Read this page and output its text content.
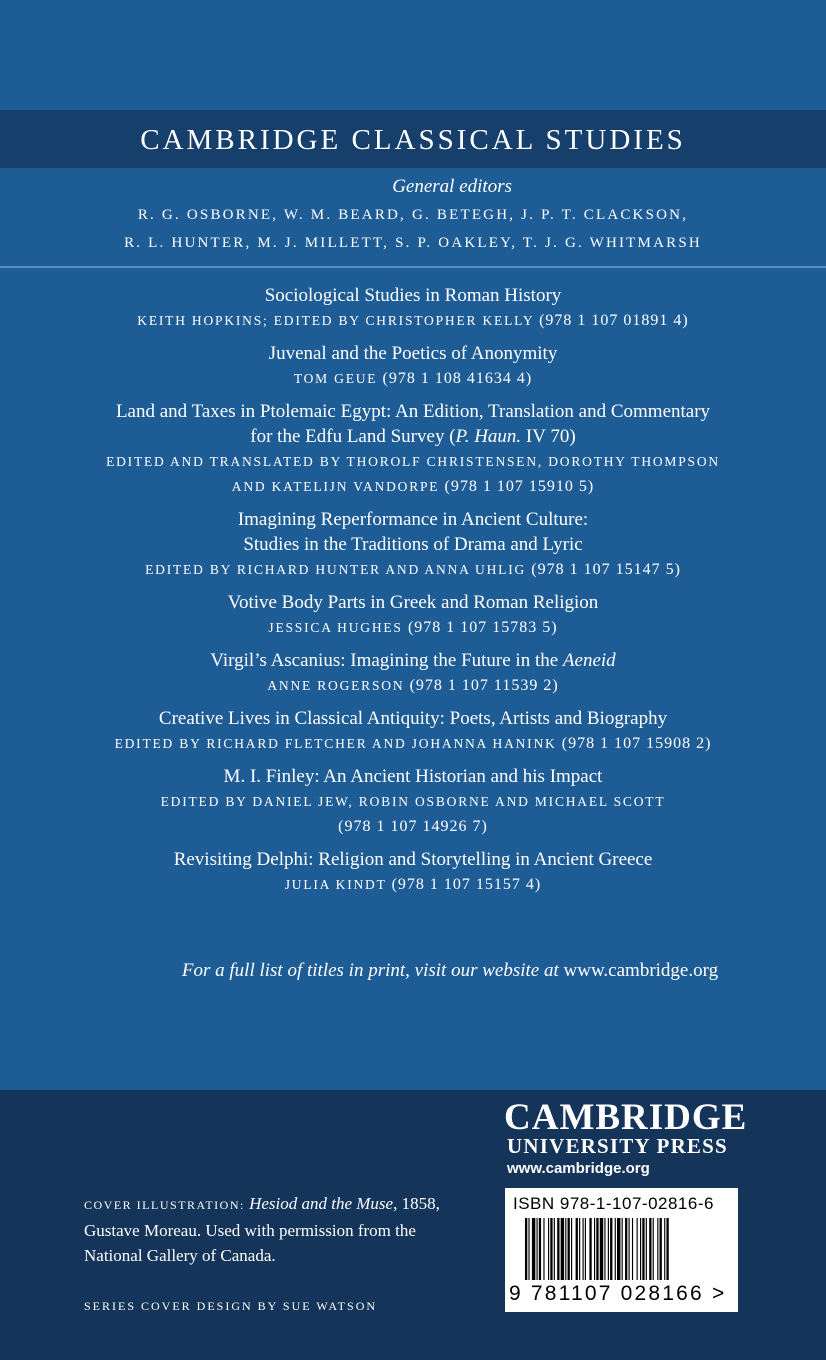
CAMBRIDGE CLASSICAL STUDIES
General editors
R. G. OSBORNE, W. M. BEARD, G. BETEGH, J. P. T. CLACKSON,
R. L. HUNTER, M. J. MILLETT, S. P. OAKLEY, T. J. G. WHITMARSH
Sociological Studies in Roman History
KEITH HOPKINS; EDITED BY CHRISTOPHER KELLY (978 1 107 01891 4)
Juvenal and the Poetics of Anonymity
TOM GEUE (978 1 108 41634 4)
Land and Taxes in Ptolemaic Egypt: An Edition, Translation and Commentary
for the Edfu Land Survey (P. Haun. IV 70)
EDITED AND TRANSLATED BY THOROLF CHRISTENSEN, DOROTHY THOMPSON
AND KATELIJN VANDORPE (978 1 107 15910 5)
Imagining Reperformance in Ancient Culture:
Studies in the Traditions of Drama and Lyric
EDITED BY RICHARD HUNTER AND ANNA UHLIG (978 1 107 15147 5)
Votive Body Parts in Greek and Roman Religion
JESSICA HUGHES (978 1 107 15783 5)
Virgil’s Ascanius: Imagining the Future in the Aeneid
ANNE ROGERSON (978 1 107 11539 2)
Creative Lives in Classical Antiquity: Poets, Artists and Biography
EDITED BY RICHARD FLETCHER AND JOHANNA HANINK (978 1 107 15908 2)
M. I. Finley: An Ancient Historian and his Impact
EDITED BY DANIEL JEW, ROBIN OSBORNE AND MICHAEL SCOTT
(978 1 107 14926 7)
Revisiting Delphi: Religion and Storytelling in Ancient Greece
JULIA KINDT (978 1 107 15157 4)
For a full list of titles in print, visit our website at www.cambridge.org
CAMBRIDGE
UNIVERSITY PRESS
www.cambridge.org
ISBN 978-1-107-02816-6
9 781107 028166 >
COVER ILLUSTRATION: Hesiod and the Muse, 1858,
Gustave Moreau. Used with permission from the
National Gallery of Canada.
SERIES COVER DESIGN BY SUE WATSON
